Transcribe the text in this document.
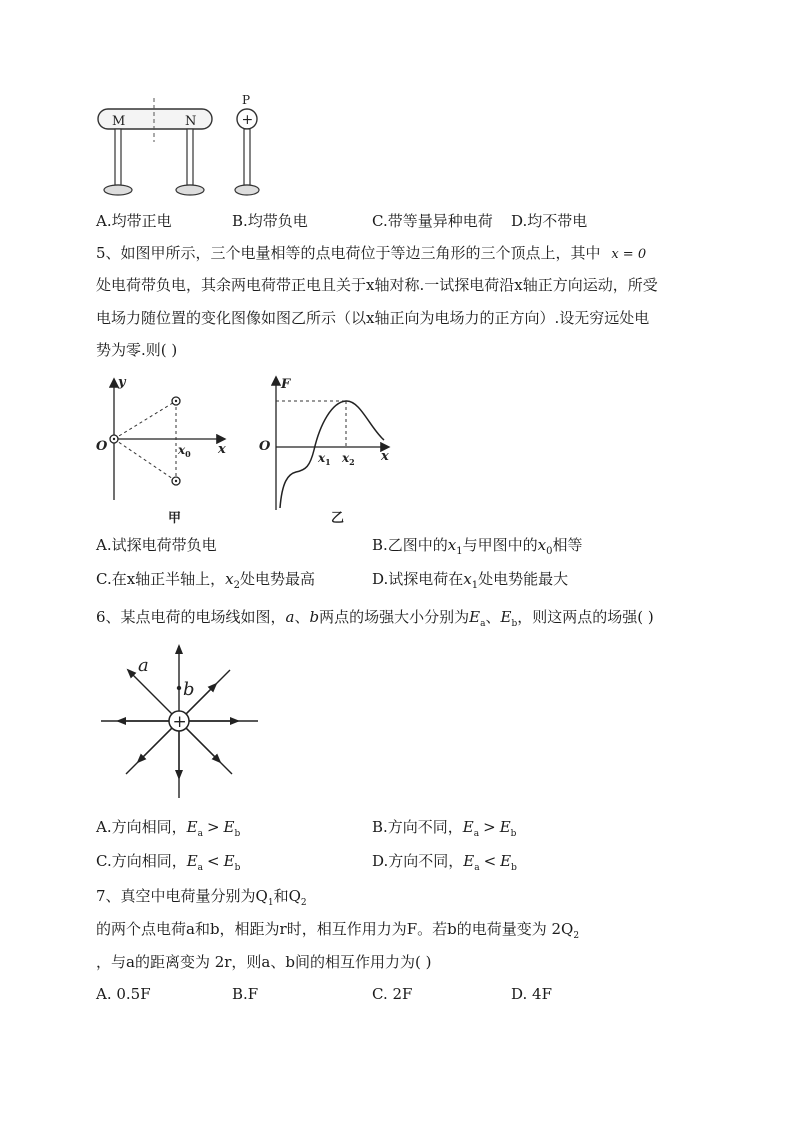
M	N
P
+
A.均带正电	B.均带负电	C.带等量异种电荷 D.均不带电
5、如图甲所示，三个电量相等的点电荷位于等边三角形的三个顶点上，其中 x = 0
处电荷带负电，其余两电荷带正电且关于x轴对称.一试探电荷沿x轴正方向运动，所受
电场力随位置的变化图像如图乙所示（以x轴正向为电场力的正方向）.设无穷远处电
势为零.则( )
y
O	x
$x_0$
甲
F
O
x
$x_1$ $x_2$
乙
A.试探电荷带负电	B.乙图中的$x_1$与甲图中的$x_0$相等
C.在x轴正半轴上，$x_2$处电势最高	D.试探电荷在$x_1$处电势能最大
6、某点电荷的电场线如图，a、b两点的场强大小分别为$E_a$、$E_b$，则这两点的场强( )
+
a
b
A.方向相同，$E_a > E_b$	B.方向不同，$E_a > E_b$
C.方向相同，$E_a < E_b$	D.方向不同，$E_a < E_b$
7、真空中电荷量分别为$Q_1$和$Q_2$
的两个点电荷a和b，相距为r时，相互作用力为F。若b的电荷量变为 $2Q_2$
，与a的距离变为 2r，则a、b间的相互作用力为( )
A. 0.5F	B.F	C. 2F	D. 4F
